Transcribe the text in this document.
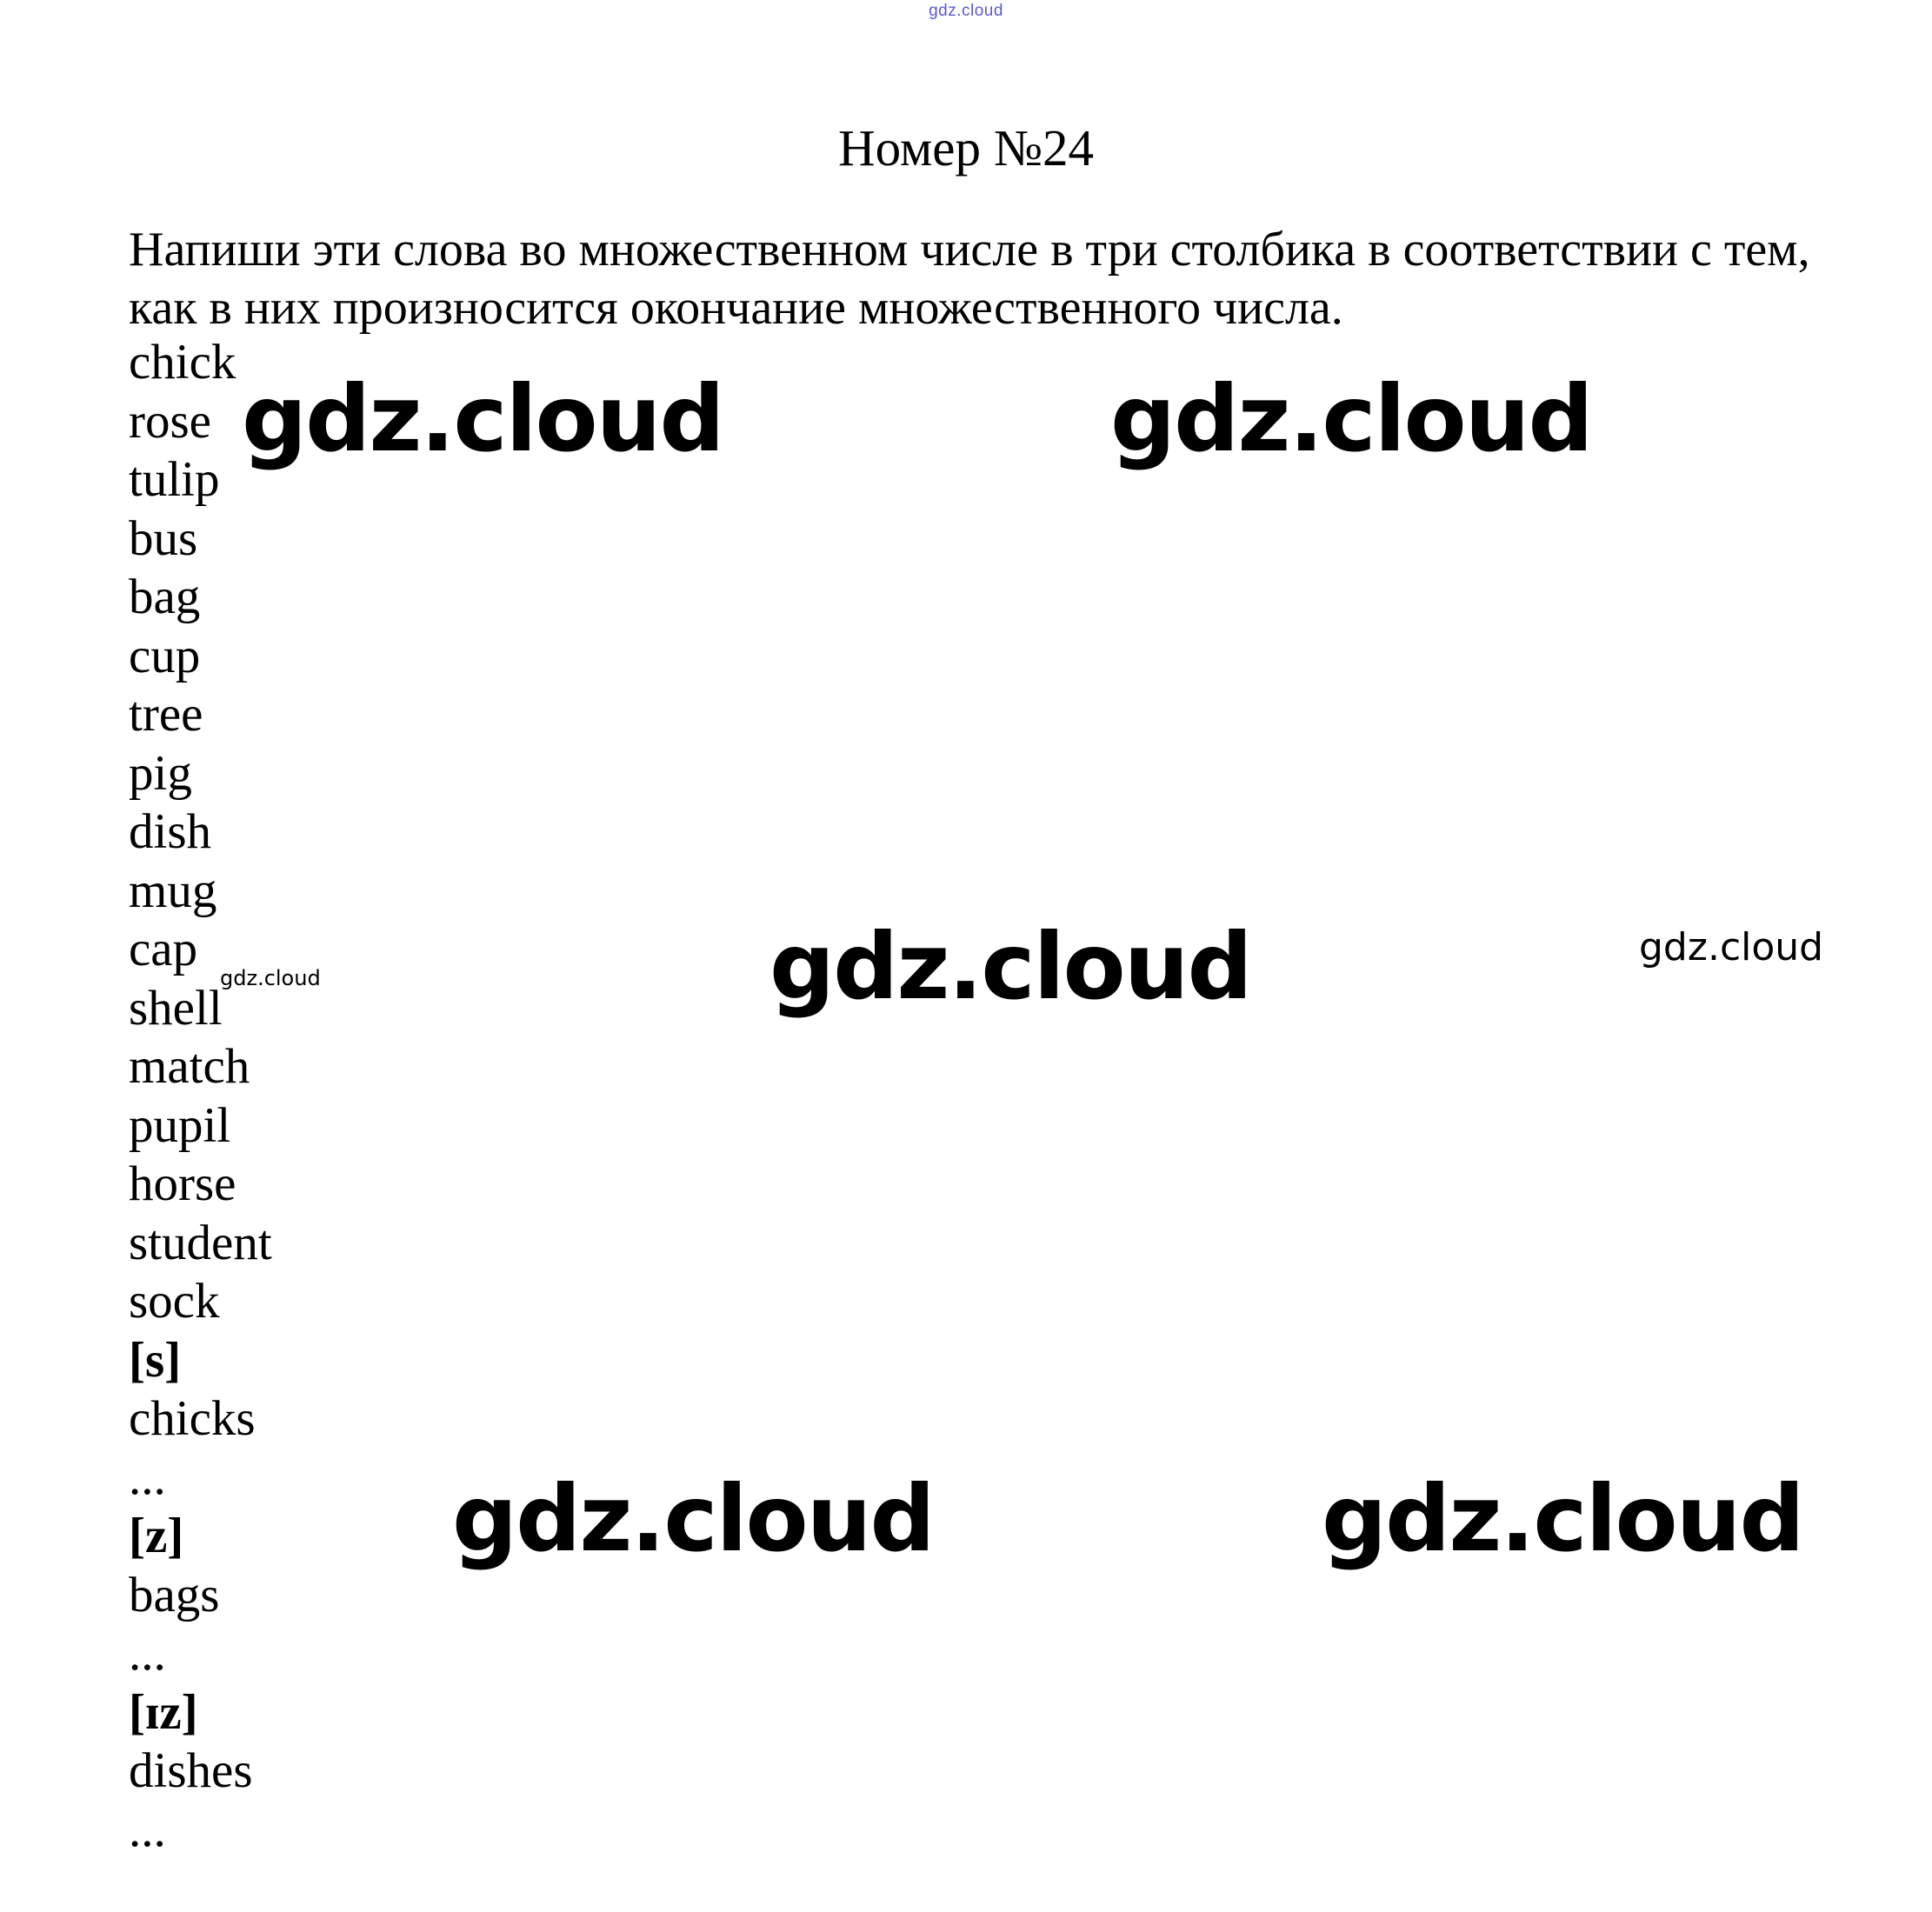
gdz.cloud
Номер №24
Напиши эти слова во множественном числе в три столбика в соответствии с тем, как в них произносится окончание множественного числа.
chick
rose
tulip
bus
bag
cup
tree
pig
dish
mug
cap
shell
match
pupil
horse
student
sock
[s]
chicks
...
[z]
bags
...
[ɪz]
dishes
...
gdz.cloud	gdz.cloud
gdz.cloud	gdz.cloud
gdz.cloud
gdz.cloud	gdz.cloud
